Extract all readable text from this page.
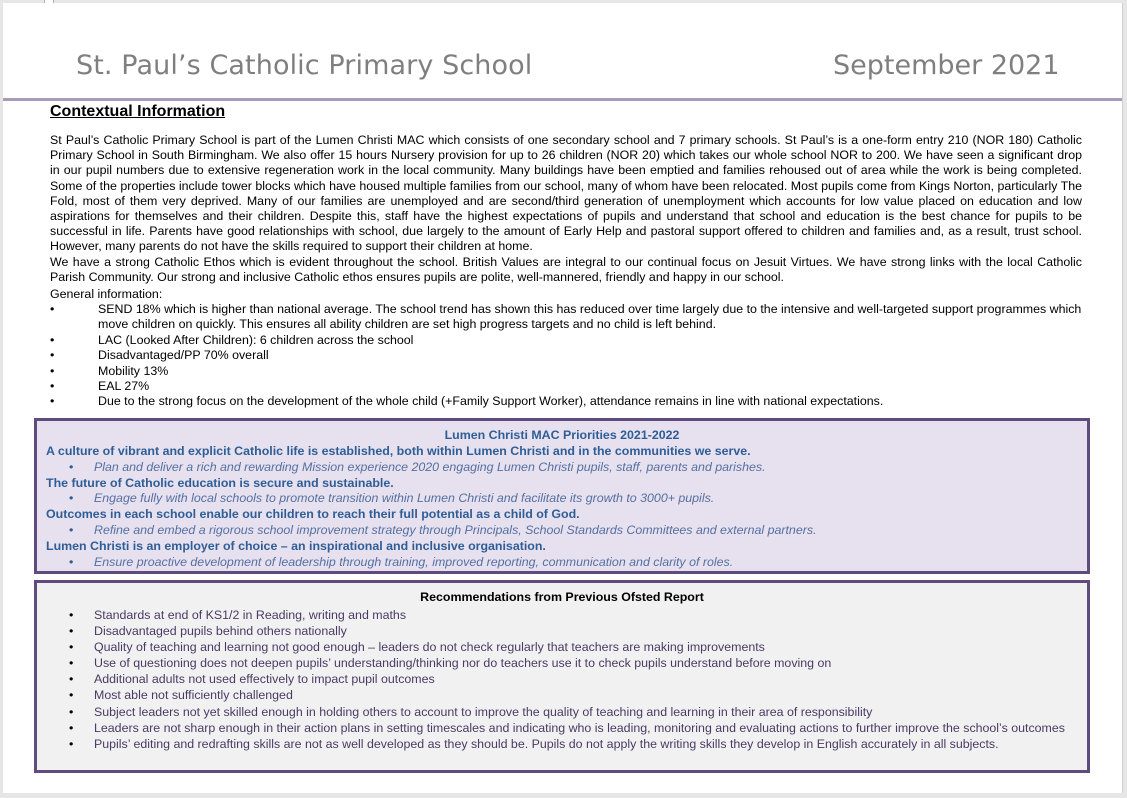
St. Paul’s Catholic Primary School	September 2021
Contextual Information

St Paul’s Catholic Primary School is part of the Lumen Christi MAC which consists of one secondary school and 7 primary schools. St Paul’s is a one-form entry 210 (NOR 180) Catholic Primary School in South Birmingham. We also offer 15 hours Nursery provision for up to 26 children (NOR 20) which takes our whole school NOR to 200. We have seen a significant drop in our pupil numbers due to extensive regeneration work in the local community. Many buildings have been emptied and families rehoused out of area while the work is being completed. Some of the properties include tower blocks which have housed multiple families from our school, many of whom have been relocated. Most pupils come from Kings Norton, particularly The Fold, most of them very deprived. Many of our families are unemployed and are second/third generation of unemployment which accounts for low value placed on education and low aspirations for themselves and their children. Despite this, staff have the highest expectations of pupils and understand that school and education is the best chance for pupils to be successful in life. Parents have good relationships with school, due largely to the amount of Early Help and pastoral support offered to children and families and, as a result, trust school. However, many parents do not have the skills required to support their children at home.

We have a strong Catholic Ethos which is evident throughout the school. British Values are integral to our continual focus on Jesuit Virtues. We have strong links with the local Catholic Parish Community. Our strong and inclusive Catholic ethos ensures pupils are polite, well-mannered, friendly and happy in our school.

General information:
•	SEND 18% which is higher than national average. The school trend has shown this has reduced over time largely due to the intensive and well-targeted support programmes which move children on quickly. This ensures all ability children are set high progress targets and no child is left behind.
•	LAC (Looked After Children): 6 children across the school
•	Disadvantaged/PP 70% overall
•	Mobility 13%
•	EAL 27%
•	Due to the strong focus on the development of the whole child (+Family Support Worker), attendance remains in line with national expectations.
Lumen Christi MAC Priorities 2021-2022
A culture of vibrant and explicit Catholic life is established, both within Lumen Christi and in the communities we serve.
• Plan and deliver a rich and rewarding Mission experience 2020 engaging Lumen Christi pupils, staff, parents and parishes.
The future of Catholic education is secure and sustainable.
• Engage fully with local schools to promote transition within Lumen Christi and facilitate its growth to 3000+ pupils.
Outcomes in each school enable our children to reach their full potential as a child of God.
• Refine and embed a rigorous school improvement strategy through Principals, School Standards Committees and external partners.
Lumen Christi is an employer of choice – an inspirational and inclusive organisation.
• Ensure proactive development of leadership through training, improved reporting, communication and clarity of roles.
Recommendations from Previous Ofsted Report
• Standards at end of KS1/2 in Reading, writing and maths
• Disadvantaged pupils behind others nationally
• Quality of teaching and learning not good enough – leaders do not check regularly that teachers are making improvements
• Use of questioning does not deepen pupils’ understanding/thinking nor do teachers use it to check pupils understand before moving on
• Additional adults not used effectively to impact pupil outcomes
• Most able not sufficiently challenged
• Subject leaders not yet skilled enough in holding others to account to improve the quality of teaching and learning in their area of responsibility
• Leaders are not sharp enough in their action plans in setting timescales and indicating who is leading, monitoring and evaluating actions to further improve the school’s outcomes
• Pupils’ editing and redrafting skills are not as well developed as they should be. Pupils do not apply the writing skills they develop in English accurately in all subjects.
